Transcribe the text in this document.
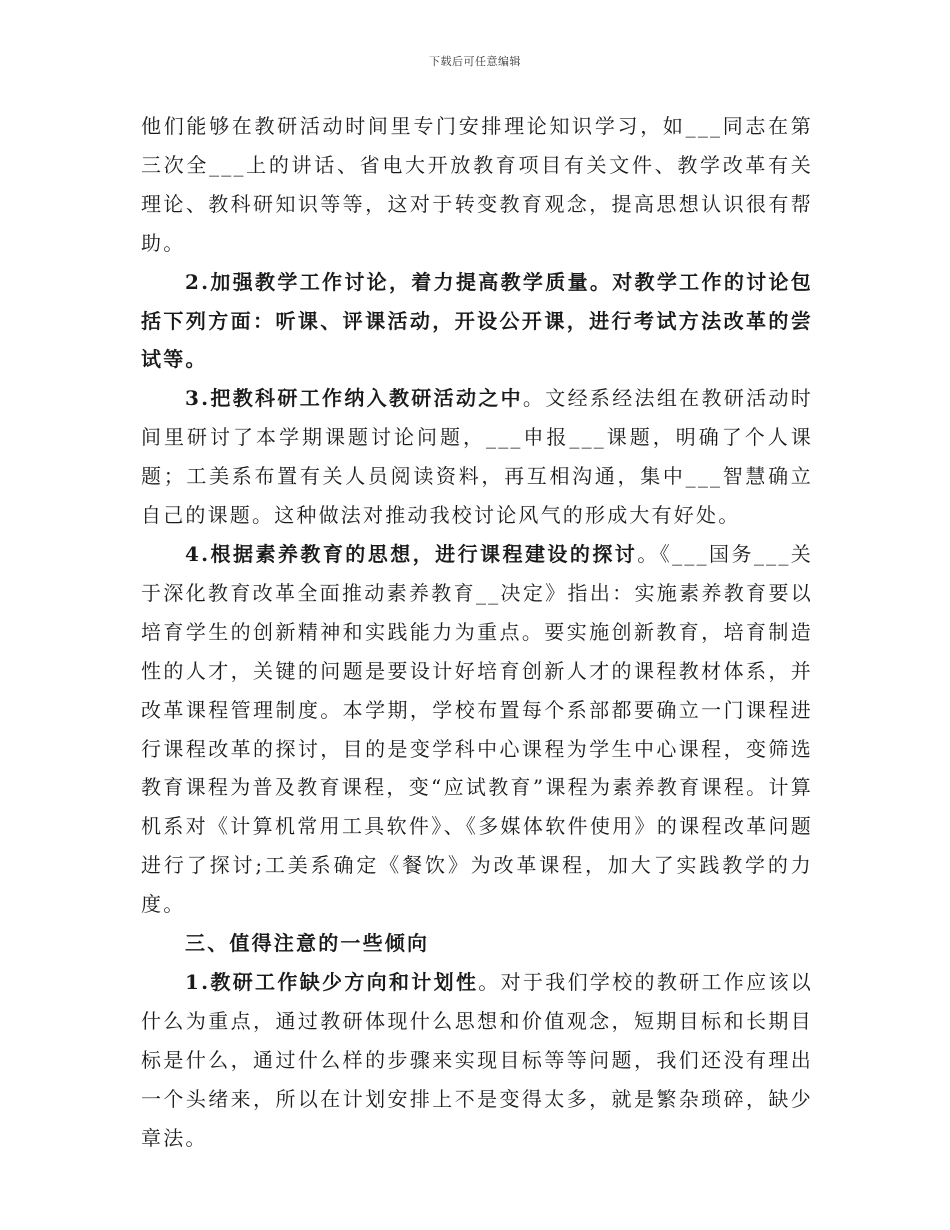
下载后可任意编辑

他们能够在教研活动时间里专门安排理论知识学习，如___同志在第三次全___上的讲话、省电大开放教育项目有关文件、教学改革有关理论、教科研知识等等，这对于转变教育观念，提高思想认识很有帮助。

2.加强教学工作讨论，着力提高教学质量。对教学工作的讨论包括下列方面：听课、评课活动，开设公开课，进行考试方法改革的尝试等。

3.把教科研工作纳入教研活动之中。文经系经法组在教研活动时间里研讨了本学期课题讨论问题，___申报___课题，明确了个人课题；工美系布置有关人员阅读资料，再互相沟通，集中___智慧确立自己的课题。这种做法对推动我校讨论风气的形成大有好处。

4.根据素养教育的思想，进行课程建设的探讨。《___国务___关于深化教育改革全面推动素养教育__决定》指出：实施素养教育要以培育学生的创新精神和实践能力为重点。要实施创新教育，培育制造性的人才，关键的问题是要设计好培育创新人才的课程教材体系，并改革课程管理制度。本学期，学校布置每个系部都要确立一门课程进行课程改革的探讨，目的是变学科中心课程为学生中心课程，变筛选教育课程为普及教育课程，变“应试教育”课程为素养教育课程。计算机系对《计算机常用工具软件》、《多媒体软件使用》的课程改革问题进行了探讨;工美系确定《餐饮》为改革课程，加大了实践教学的力度。

三、值得注意的一些倾向

1.教研工作缺少方向和计划性。对于我们学校的教研工作应该以什么为重点，通过教研体现什么思想和价值观念，短期目标和长期目标是什么，通过什么样的步骤来实现目标等等问题，我们还没有理出一个头绪来，所以在计划安排上不是变得太多，就是繁杂琐碎，缺少章法。
